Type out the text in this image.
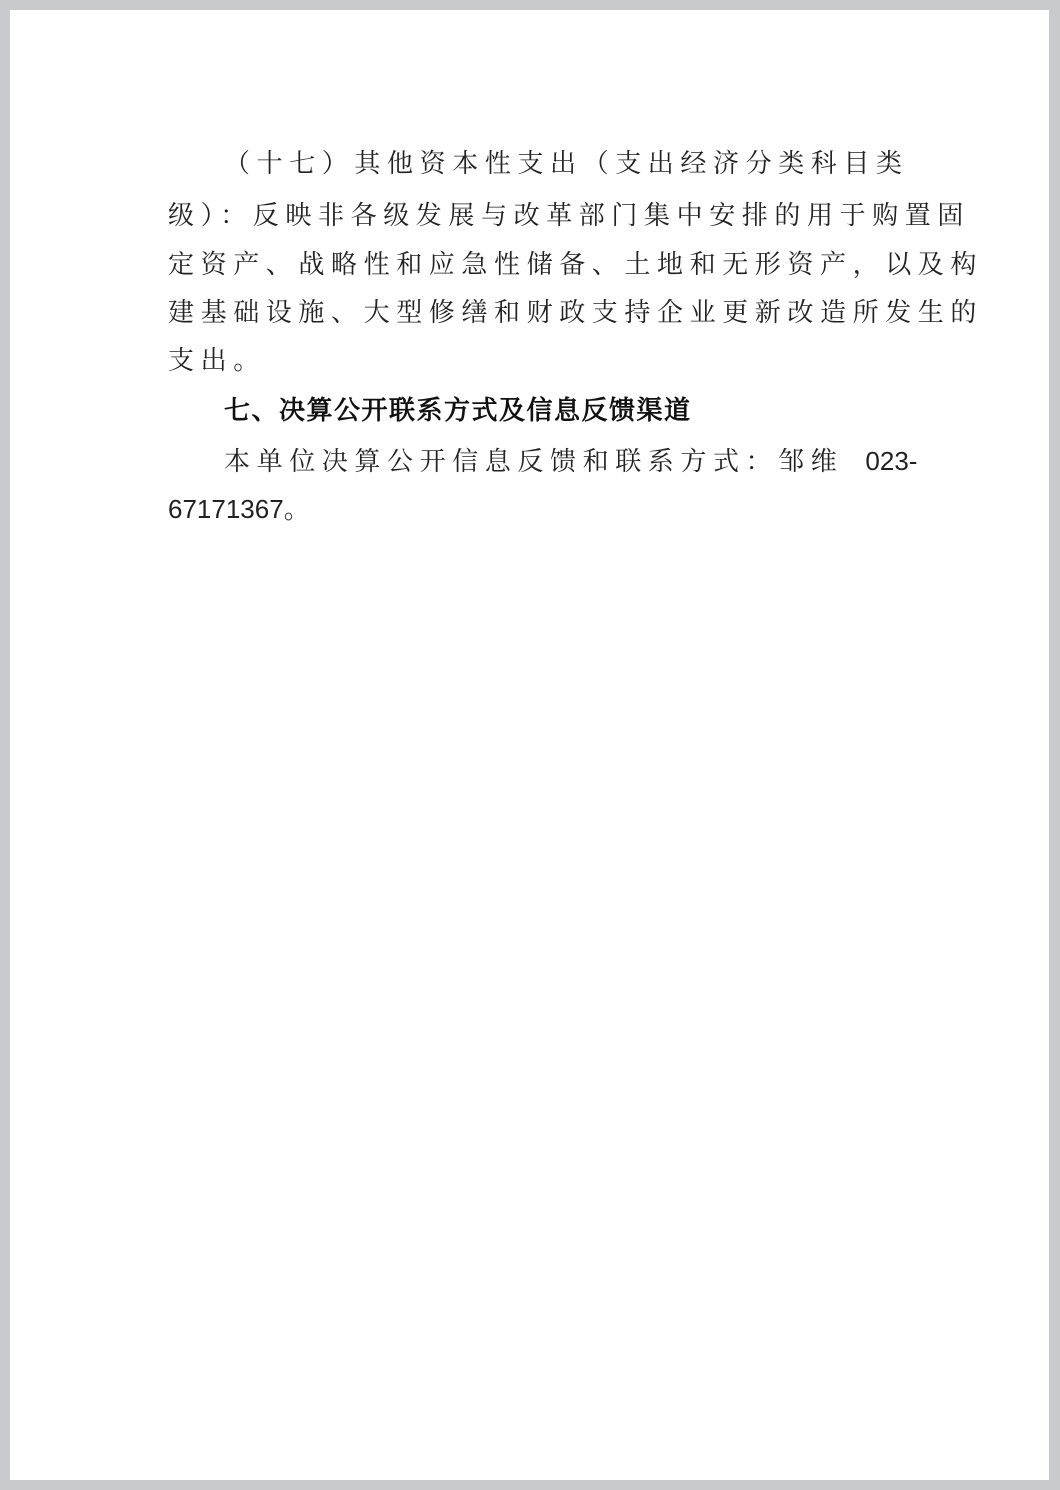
（十七）其他资本性支出（支出经济分类科目类
级）：反映非各级发展与改革部门集中安排的用于购置固
定资产、战略性和应急性储备、土地和无形资产，以及构
建基础设施、大型修缮和财政支持企业更新改造所发生的
支出。
七、决算公开联系方式及信息反馈渠道
本单位决算公开信息反馈和联系方式：邹维 023-
67171367。
